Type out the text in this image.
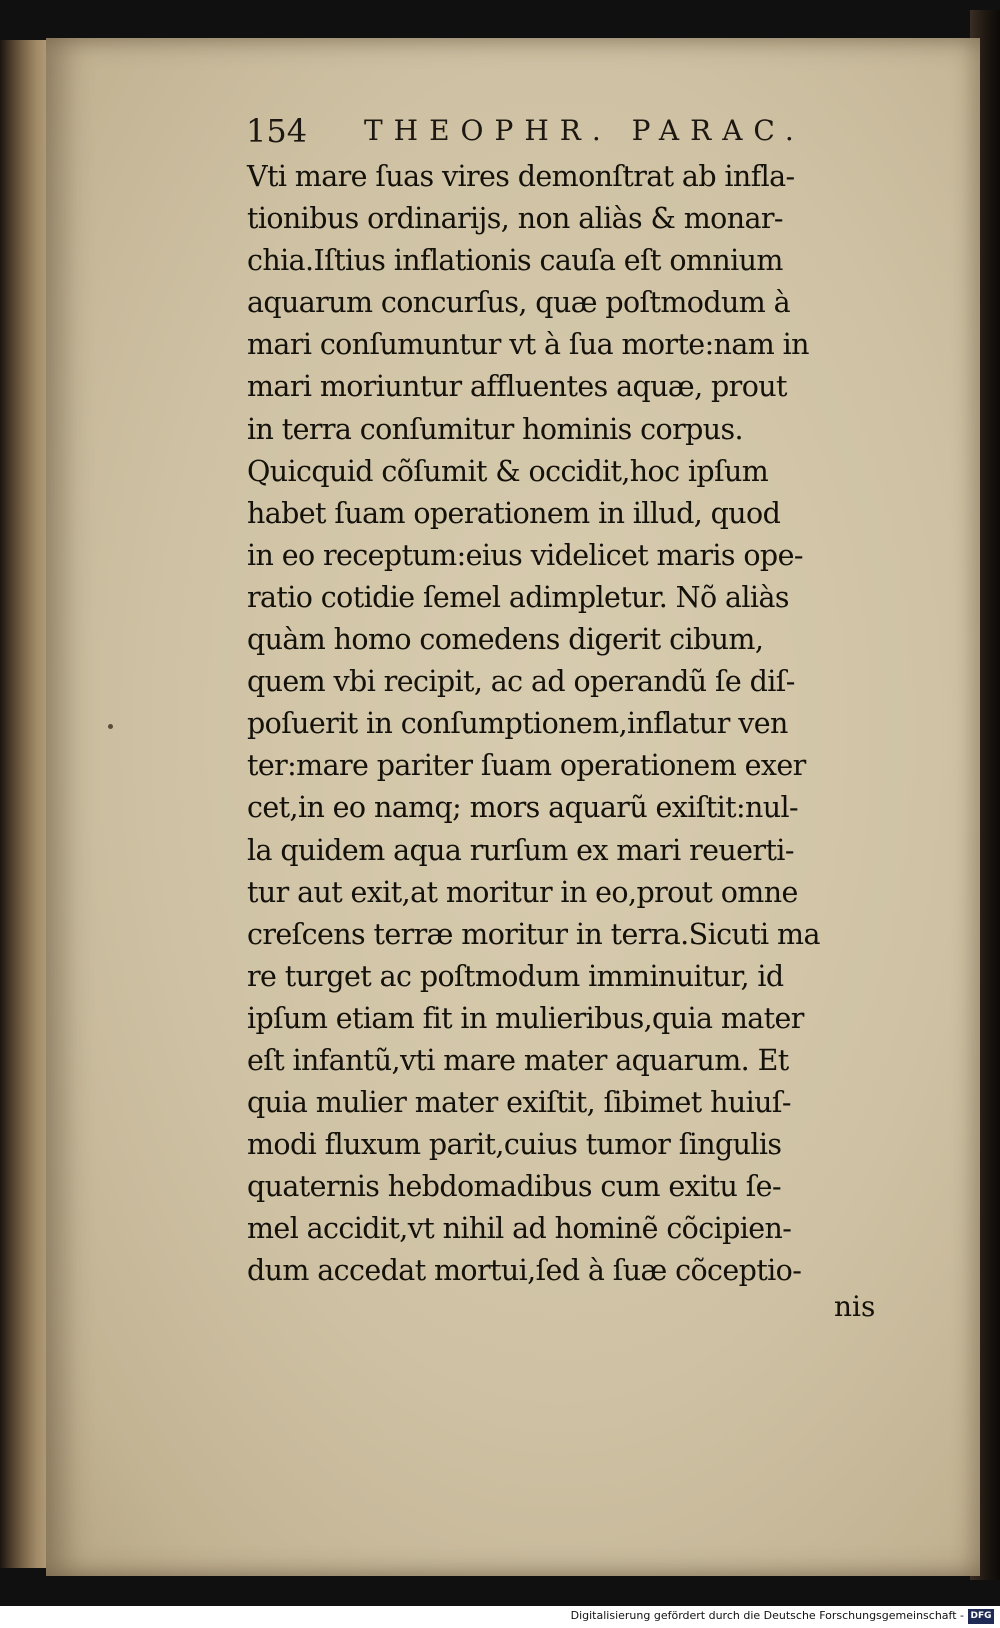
154 THEOPHR. PARAC.
Vti mare ſuas vires demonſtrat ab infla-
tionibus ordinarijs, non aliàs & monar-
chia.Iſtius inflationis cauſa eſt omnium
aquarum concurſus, quæ poſtmodum à
mari conſumuntur vt à ſua morte:nam in
mari moriuntur affluentes aquæ, prout
in terra conſumitur hominis corpus.
Quicquid cõſumit & occidit,hoc ipſum
habet ſuam operationem in illud, quod
in eo receptum:eius videlicet maris ope-
ratio cotidie ſemel adimpletur. Nõ aliàs
quàm homo comedens digerit cibum,
quem vbi recipit, ac ad operandũ ſe diſ-
poſuerit in conſumptionem,inflatur ven
ter:mare pariter ſuam operationem exer
cet,in eo namq; mors aquarũ exiſtit:nul-
la quidem aqua rurſum ex mari reuerti-
tur aut exit,at moritur in eo,prout omne
creſcens terræ moritur in terra.Sicuti ma
re turget ac poſtmodum imminuitur, id
ipſum etiam fit in mulieribus,quia mater
eſt infantũ,vti mare mater aquarum. Et
quia mulier mater exiſtit, ſibimet huiuſ-
modi fluxum parit,cuius tumor ſingulis
quaternis hebdomadibus cum exitu ſe-
mel accidit,vt nihil ad hominẽ cõcipien-
dum accedat mortui,ſed à ſuæ cõceptio-
nis
Digitalisierung gefördert durch die Deutsche Forschungsgemeinschaft - DFG
